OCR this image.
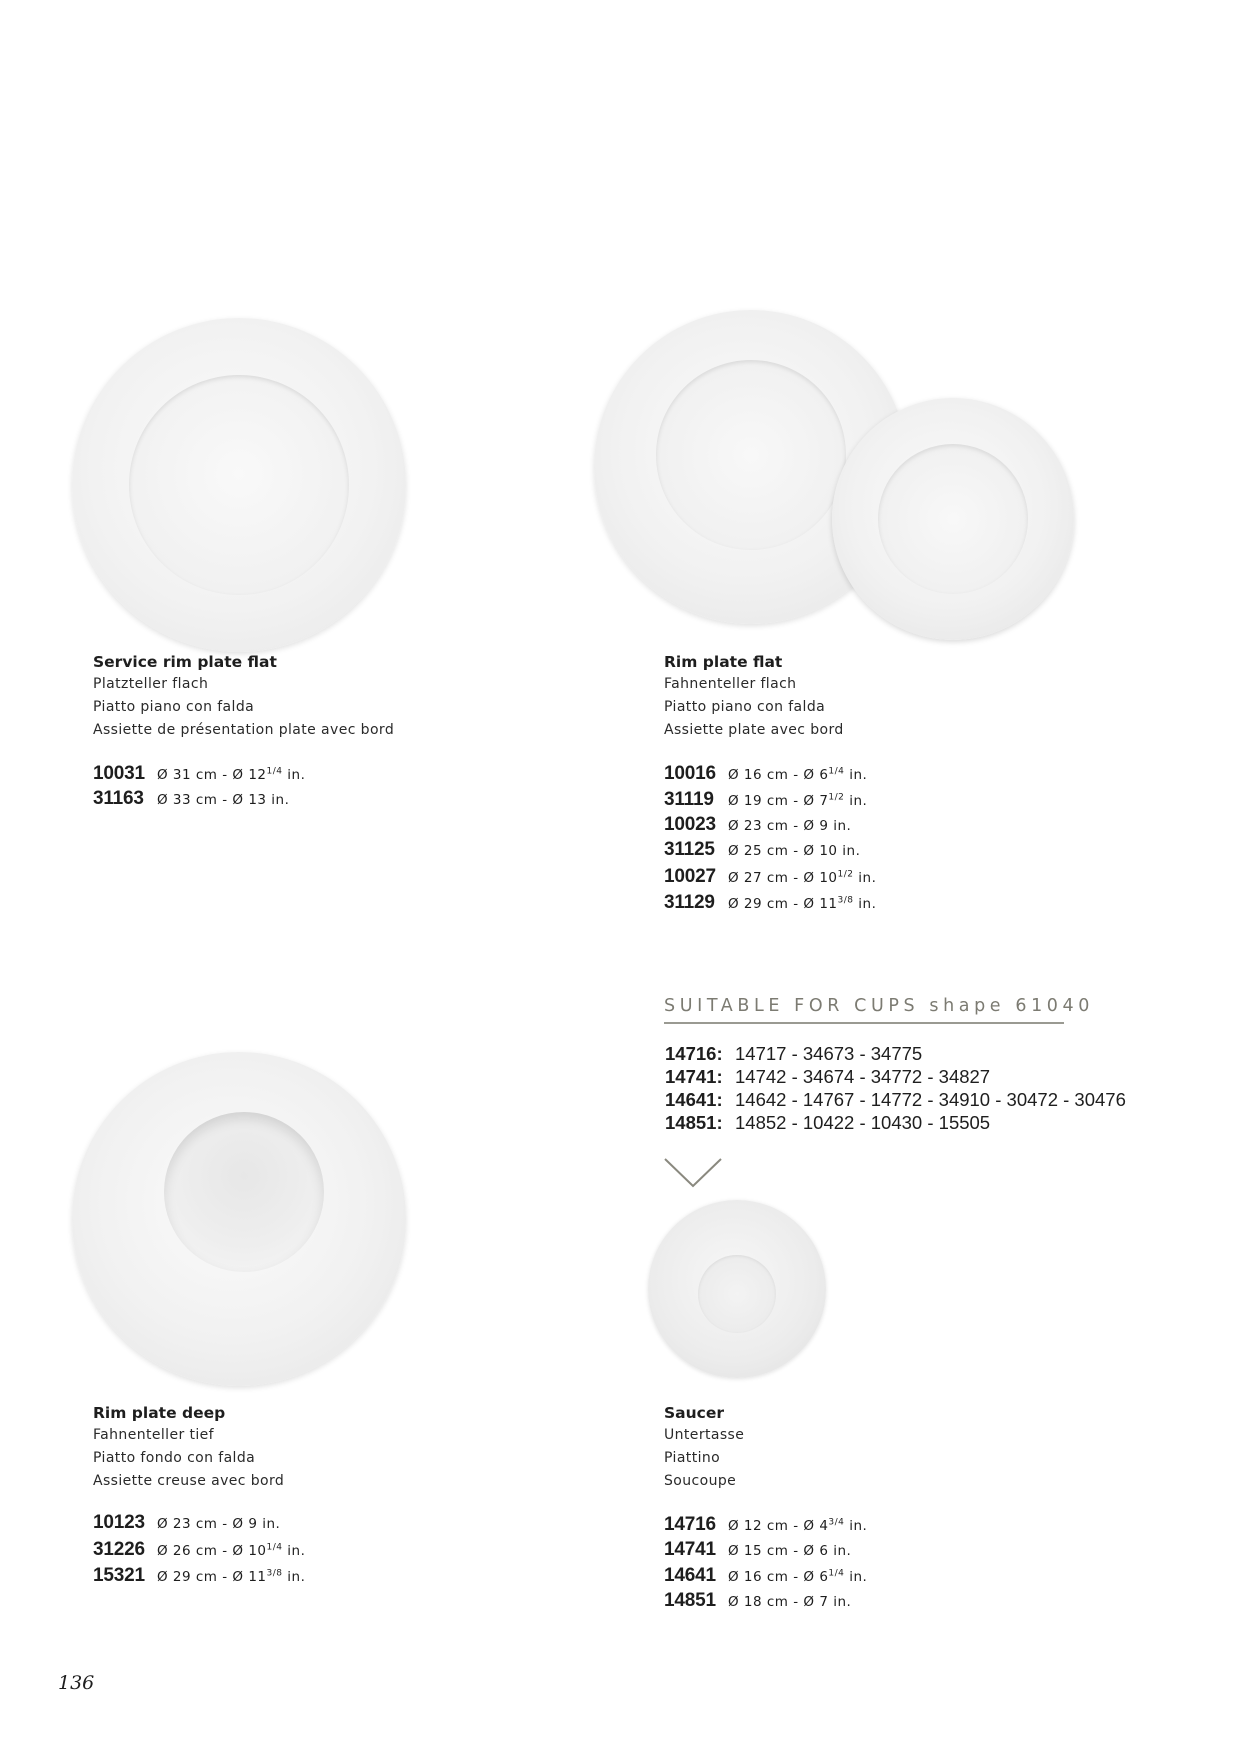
Service rim plate flat
Platzteller flach
Piatto piano con falda
Assiette de présentation plate avec bord
10031 Ø 31 cm - Ø $12^{1/4}$ in.
31163 Ø 33 cm - Ø 13 in.
Rim plate flat
Fahnenteller flach
Piatto piano con falda
Assiette plate avec bord
10016 Ø 16 cm - Ø $6^{1/4}$ in.
31119 Ø 19 cm - Ø $7^{1/2}$ in.
10023 Ø 23 cm - Ø 9 in.
31125 Ø 25 cm - Ø 10 in.
10027 Ø 27 cm - Ø $10^{1/2}$ in.
31129 Ø 29 cm - Ø $11^{3/8}$ in.
SUITABLE FOR CUPS shape 61040
14716: 14717 - 34673 - 34775
14741: 14742 - 34674 - 34772 - 34827
14641: 14642 - 14767 - 14772 - 34910 - 30472 - 30476
14851: 14852 - 10422 - 10430 - 15505
Rim plate deep
Fahnenteller tief
Piatto fondo con falda
Assiette creuse avec bord
10123 Ø 23 cm - Ø 9 in.
31226 Ø 26 cm - Ø $10^{1/4}$ in.
15321 Ø 29 cm - Ø $11^{3/8}$ in.
Saucer
Untertasse
Piattino
Soucoupe
14716 Ø 12 cm - Ø $4^{3/4}$ in.
14741 Ø 15 cm - Ø 6 in.
14641 Ø 16 cm - Ø $6^{1/4}$ in.
14851 Ø 18 cm - Ø 7 in.
136
